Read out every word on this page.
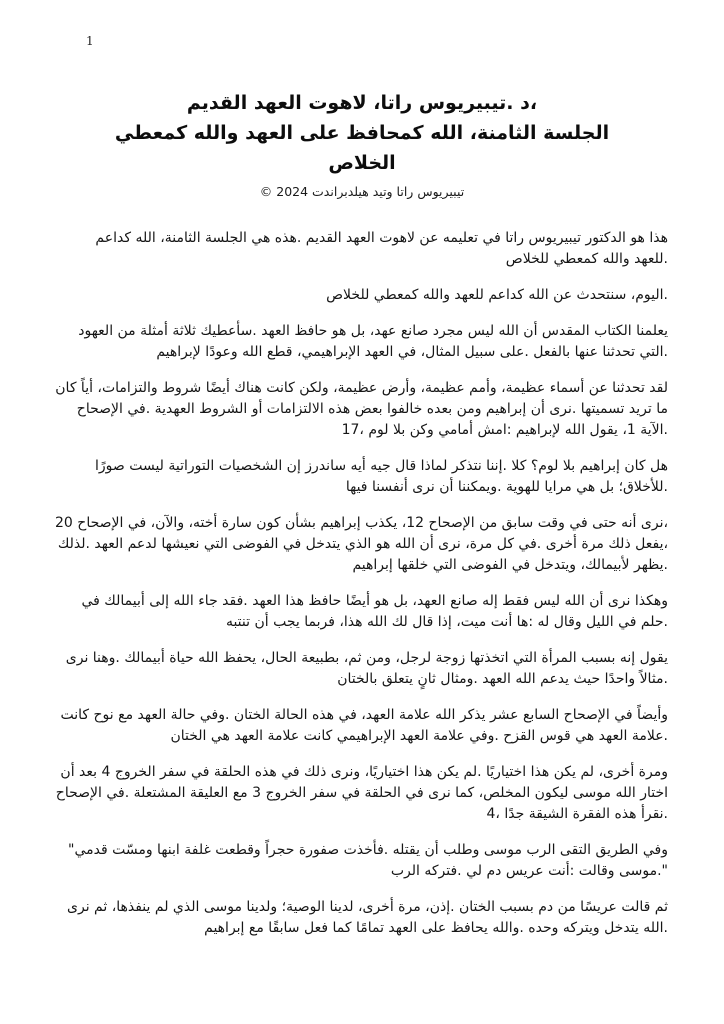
1
،د .تيبيريوس راتا، لاهوت العهد القديم
الجلسة الثامنة، الله كمحافظ على العهد والله كمعطي
الخلاص
تيبيريوس راتا وتيد هيلدبراندت 2024 ©
هذا هو الدكتور تيبيريوس راتا في تعليمه عن لاهوت العهد القديم .هذه هي الجلسة الثامنة، الله كداعم
.للعهد والله كمعطي للخلاص
.اليوم، سنتحدث عن الله كداعم للعهد والله كمعطي للخلاص
يعلمنا الكتاب المقدس أن الله ليس مجرد صانع عهد، بل هو حافظ العهد .سأعطيك ثلاثة أمثلة من العهود
.التي تحدثنا عنها بالفعل .على سبيل المثال، في العهد الإبراهيمي، قطع الله وعودًا لإبراهيم
لقد تحدثنا عن أسماء عظيمة، وأمم عظيمة، وأرض عظيمة، ولكن كانت هناك أيضًا شروط والتزامات، أياً كان
ما تريد تسميتها .نرى أن إبراهيم ومن بعده خالفوا بعض هذه الالتزامات أو الشروط العهدية .في الإصحاح
.الآية 1، يقول الله لإبراهيم :امش أمامي وكن بلا لوم ،17
هل كان إبراهيم بلا لوم؟ كلا .إننا نتذكر لماذا قال جيه أيه ساندرز إن الشخصيات التوراتية ليست صورًا
.للأخلاق؛ بل هي مرايا للهوية .ويمكننا أن نرى أنفسنا فيها
،نرى أنه حتى في وقت سابق من الإصحاح 12، يكذب إبراهيم بشأن كون سارة أخته، والآن، في الإصحاح 20
،يفعل ذلك مرة أخرى .في كل مرة، نرى أن الله هو الذي يتدخل في الفوضى التي نعيشها لدعم العهد .لذلك
.يظهر لأبيمالك، ويتدخل في الفوضى التي خلقها إبراهيم
وهكذا نرى أن الله ليس فقط إله صانع العهد، بل هو أيضًا حافظ هذا العهد .فقد جاء الله إلى أبيمالك في
.حلم في الليل وقال له :ها أنت ميت، إذا قال لك الله هذا، فربما يجب أن تنتبه
يقول إنه بسبب المرأة التي اتخذتها زوجة لرجل، ومن ثم، بطبيعة الحال، يحفظ الله حياة أبيمالك .وهنا نرى
.مثالاً واحدًا حيث يدعم الله العهد .ومثال ثانٍ يتعلق بالختان
وأيضاً في الإصحاح السابع عشر يذكر الله علامة العهد، في هذه الحالة الختان .وفي حالة العهد مع نوح كانت
.علامة العهد هي قوس القزح .وفي علامة العهد الإبراهيمي كانت علامة العهد هي الختان
ومرة أخرى، لم يكن هذا اختياريًا .لم يكن هذا اختياريًا، ونرى ذلك في هذه الحلقة في سفر الخروج 4 بعد أن
اختار الله موسى ليكون المخلص، كما نرى في الحلقة في سفر الخروج 3 مع العليقة المشتعلة .في الإصحاح
.نقرأ هذه الفقرة الشيقة جدًا ،4
وفي الطريق التقى الرب موسى وطلب أن يقتله .فأخذت صفورة حجراً وقطعت غلفة ابنها ومسّت قدمي"
".موسى وقالت :أنت عريس دم لي .فتركه الرب
ثم قالت عريسًا من دم بسبب الختان .إذن، مرة أخرى، لدينا الوصية؛ ولدينا موسى الذي لم ينفذها، ثم نرى
.الله يتدخل ويتركه وحده .والله يحافظ على العهد تمامًا كما فعل سابقًا مع إبراهيم
